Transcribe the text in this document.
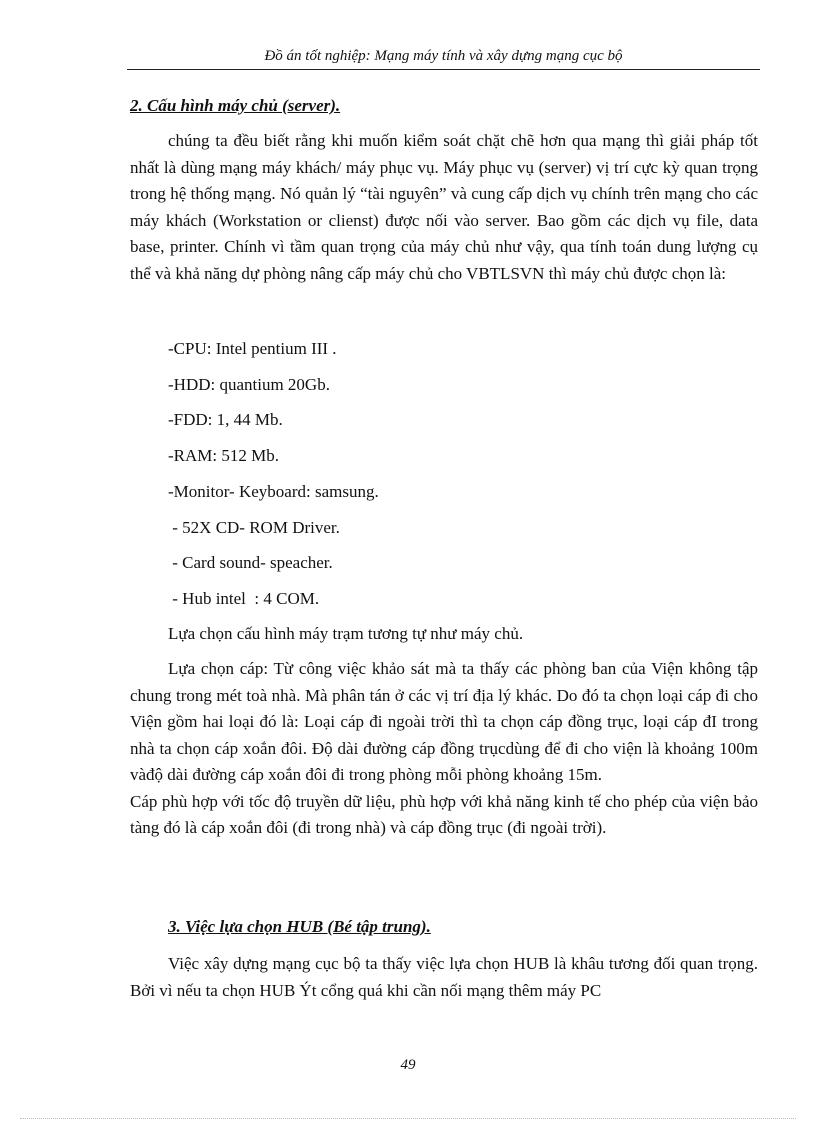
Đồ án tốt nghiệp: Mạng máy tính và xây dựng mạng cục bộ
2. Cấu hình máy chủ (server).

chúng ta đều biết rằng khi muốn kiểm soát chặt chẽ hơn qua mạng thì giải pháp tốt nhất là dùng mạng máy khách/ máy phục vụ. Máy phục vụ (server) vị trí cực kỳ quan trọng trong hệ thống mạng. Nó quản lý “tài nguyên” và cung cấp dịch vụ chính trên mạng cho các máy khách (Workstation or clienst) được nối vào server. Bao gồm các dịch vụ file, data base, printer. Chính vì tầm quan trọng của máy chủ như vậy, qua tính toán dung lượng cụ thể và khả năng dự phòng nâng cấp máy chủ cho VBTLSVN thì máy chủ được chọn là:

-CPU: Intel pentium III .
-HDD: quantium 20Gb.
-FDD: 1, 44 Mb.
-RAM: 512 Mb.
-Monitor- Keyboard: samsung.
- 52X CD- ROM Driver.
- Card sound- speacher.
- Hub intel  : 4 COM.
Lựa chọn cấu hình máy trạm tương tự như máy chủ.

Lựa chọn cáp: Từ công việc khảo sát mà ta thấy các phòng ban của Viện không tập chung trong mét toà nhà. Mà phân tán ở các vị trí địa lý khác. Do đó ta chọn loại cáp đi cho Viện gồm hai loại đó là: Loại cáp đi ngoài trời thì ta chọn cáp đồng trục, loại cáp đI trong nhà ta chọn cáp xoắn đôi. Độ dài đường cáp đồng trụcdùng để đi cho viện là khoảng 100m vàđộ dài đường cáp xoắn đôi đi trong phòng mỗi phòng khoảng 15m.

Cáp phù hợp với tốc độ truyền dữ liệu, phù hợp với khả năng kinh tế cho phép của viện bảo tàng đó là cáp xoắn đôi (đi trong nhà) và cáp đồng trục (đi ngoài trời).

3. Việc lựa chọn HUB (Bé tập trung).

Việc xây dựng mạng cục bộ ta thấy việc lựa chọn HUB là khâu tương đối quan trọng. Bởi vì nếu ta chọn HUB Ýt cổng quá khi cần nối mạng thêm máy PC

49
